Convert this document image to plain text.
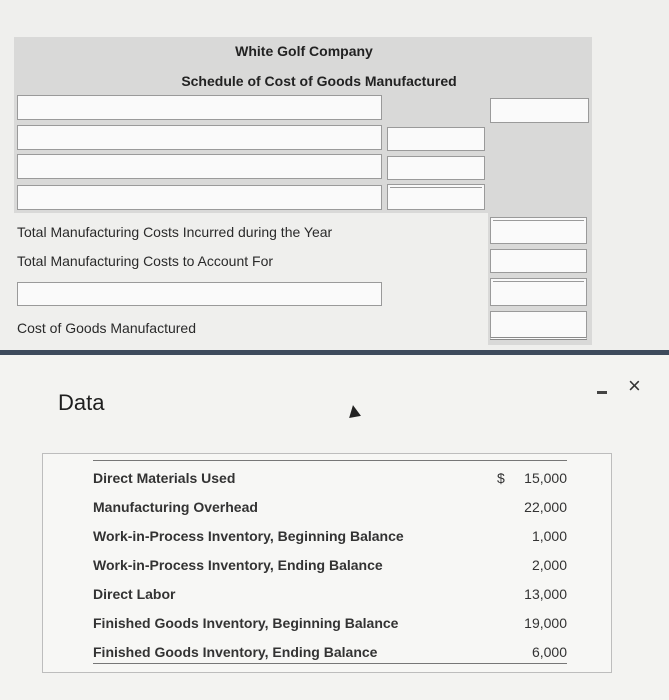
White Golf Company
Schedule of Cost of Goods Manufactured
Total Manufacturing Costs Incurred during the Year
Total Manufacturing Costs to Account For
Cost of Goods Manufactured
Data
×
Direct Materials Used	$ 15,000
Manufacturing Overhead	22,000
Work-in-Process Inventory, Beginning Balance	1,000
Work-in-Process Inventory, Ending Balance	2,000
Direct Labor	13,000
Finished Goods Inventory, Beginning Balance	19,000
Finished Goods Inventory, Ending Balance	6,000
